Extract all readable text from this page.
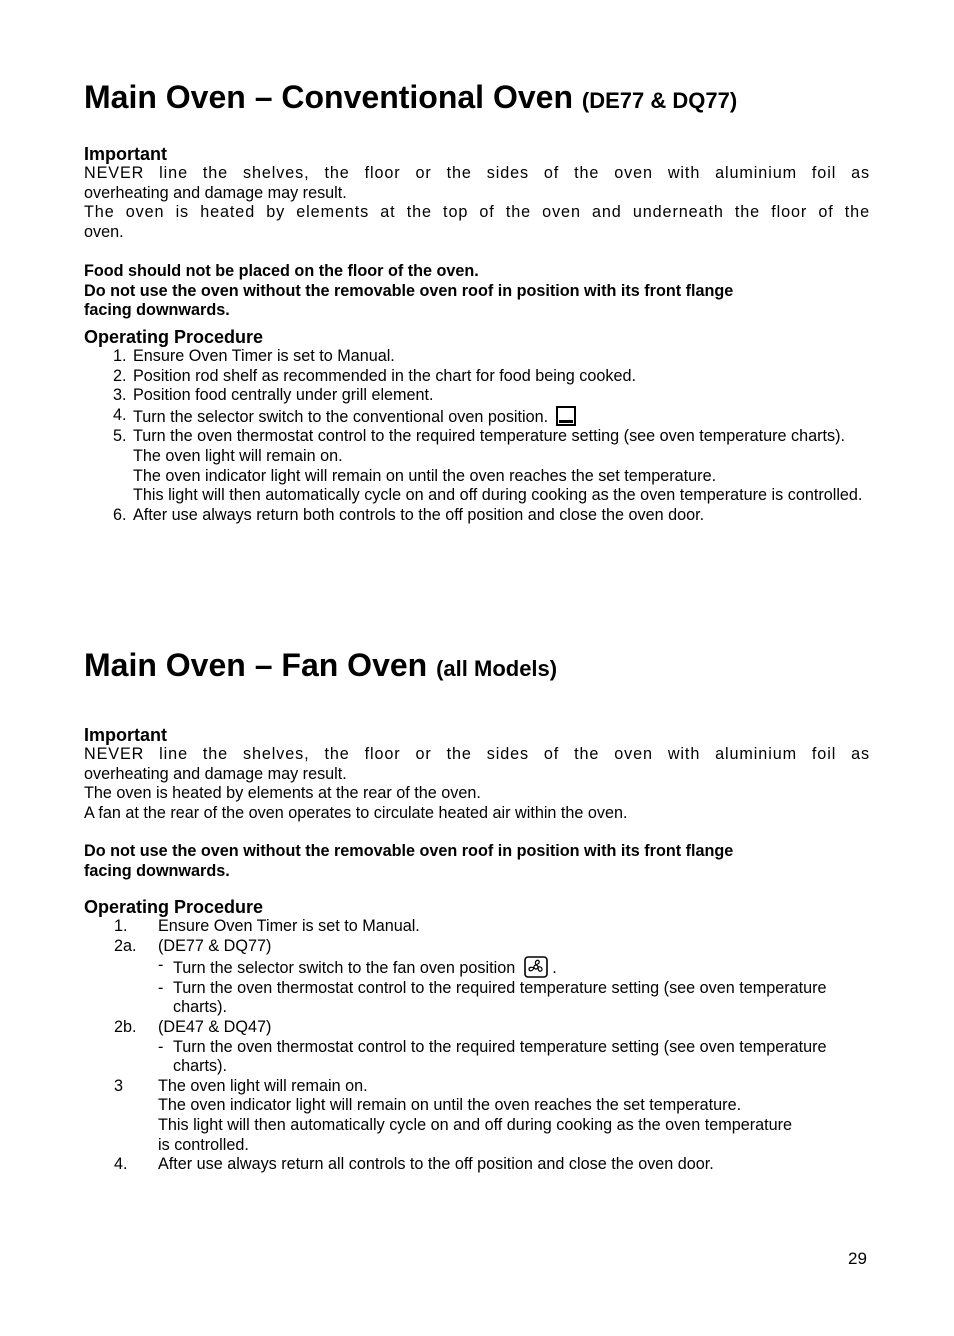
Main Oven – Conventional Oven (DE77 & DQ77)
Important
NEVER line the shelves, the floor or the sides of the oven with aluminium foil as
overheating and damage may result.
The oven is heated by elements at the top of the oven and underneath the floor of the
oven.
Food should not be placed on the floor of the oven.
Do not use the oven without the removable oven roof in position with its front flange
facing downwards.
Operating Procedure
1. Ensure Oven Timer is set to Manual.
2. Position rod shelf as recommended in the chart for food being cooked.
3. Position food centrally under grill element.
4. Turn the selector switch to the conventional oven position.
5. Turn the oven thermostat control to the required temperature setting (see oven temperature charts).
The oven light will remain on.
The oven indicator light will remain on until the oven reaches the set temperature.
This light will then automatically cycle on and off during cooking as the oven temperature is controlled.
6. After use always return both controls to the off position and close the oven door.
Main Oven – Fan Oven (all Models)
Important
NEVER line the shelves, the floor or the sides of the oven with aluminium foil as
overheating and damage may result.
The oven is heated by elements at the rear of the oven.
A fan at the rear of the oven operates to circulate heated air within the oven.
Do not use the oven without the removable oven roof in position with its front flange
facing downwards.
Operating Procedure
1.	Ensure Oven Timer is set to Manual.
2a.	(DE77 & DQ77)
- Turn the selector switch to the fan oven position .
- Turn the oven thermostat control to the required temperature setting (see oven temperature charts).
2b.	(DE47 & DQ47)
- Turn the oven thermostat control to the required temperature setting (see oven temperature charts).
3	The oven light will remain on.
The oven indicator light will remain on until the oven reaches the set temperature.
This light will then automatically cycle on and off during cooking as the oven temperature is controlled.
4.	After use always return all controls to the off position and close the oven door.
29
